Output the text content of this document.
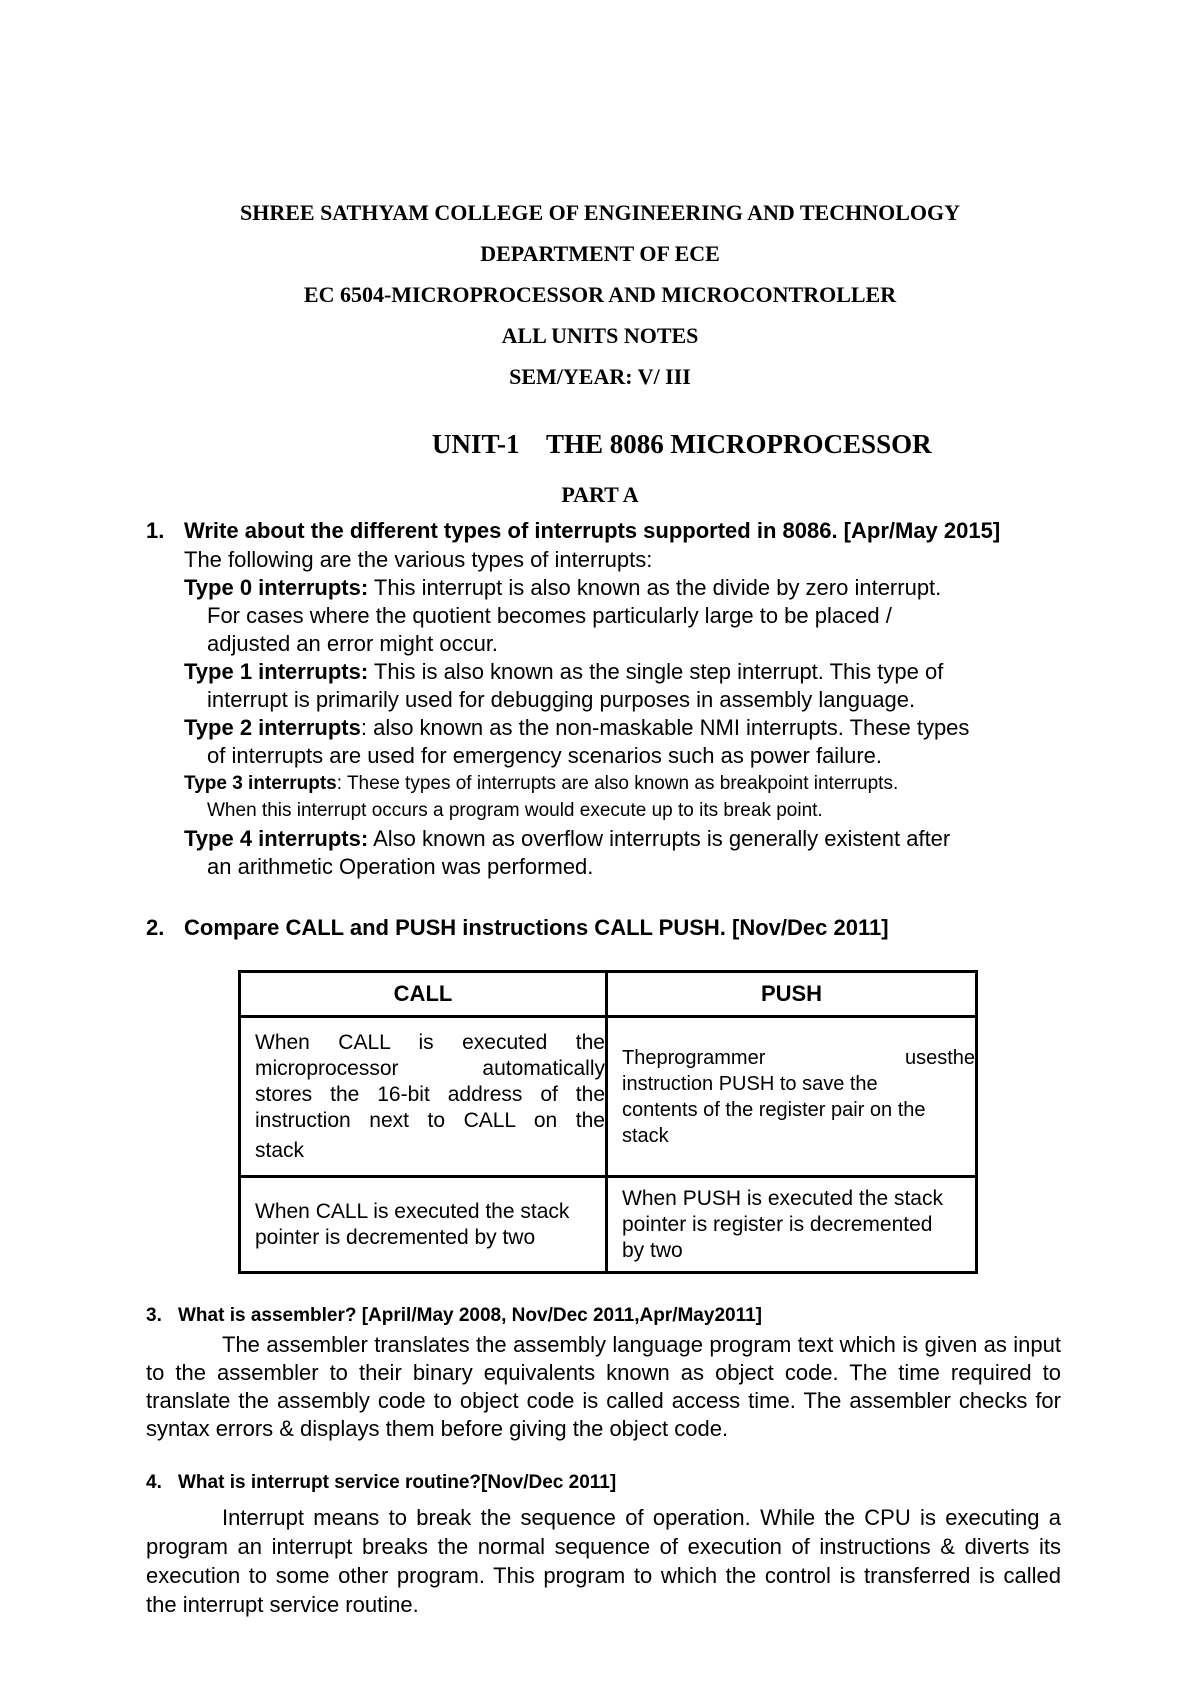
SHREE SATHYAM COLLEGE OF ENGINEERING AND TECHNOLOGY
DEPARTMENT OF ECE
EC 6504-MICROPROCESSOR AND MICROCONTROLLER
ALL UNITS NOTES
SEM/YEAR: V/ III
UNIT-1    THE 8086 MICROPROCESSOR
PART A
1. Write about the different types of interrupts supported in 8086. [Apr/May 2015]
The following are the various types of interrupts:
Type 0 interrupts: This interrupt is also known as the divide by zero interrupt.
For cases where the quotient becomes particularly large to be placed /
adjusted an error might occur.
Type 1 interrupts: This is also known as the single step interrupt. This type of
interrupt is primarily used for debugging purposes in assembly language.
Type 2 interrupts: also known as the non-maskable NMI interrupts. These types
of interrupts are used for emergency scenarios such as power failure.
Type 3 interrupts: These types of interrupts are also known as breakpoint interrupts.
When this interrupt occurs a program would execute up to its break point.
Type 4 interrupts: Also known as overflow interrupts is generally existent after
an arithmetic Operation was performed.
2. Compare CALL and PUSH instructions CALL PUSH. [Nov/Dec 2011]
CALL	PUSH

When CALL is executed the
microprocessor automatically
stores the 16-bit address of the
instruction next to CALL on the
stack	Theprogrammer usesthe
instruction PUSH to save the
contents of the register pair on the
stack

When CALL is executed the stack
pointer is decremented by two	When PUSH is executed the stack
pointer is register is decremented
by two
3. What is assembler? [April/May 2008, Nov/Dec 2011,Apr/May2011]
The assembler translates the assembly language program text which is given as input to the assembler to their binary equivalents known as object code. The time required to translate the assembly code to object code is called access time. The assembler checks for syntax errors & displays them before giving the object code.
4. What is interrupt service routine?[Nov/Dec 2011]
Interrupt means to break the sequence of operation. While the CPU is executing a program an interrupt breaks the normal sequence of execution of instructions & diverts its execution to some other program. This program to which the control is transferred is called the interrupt service routine.
